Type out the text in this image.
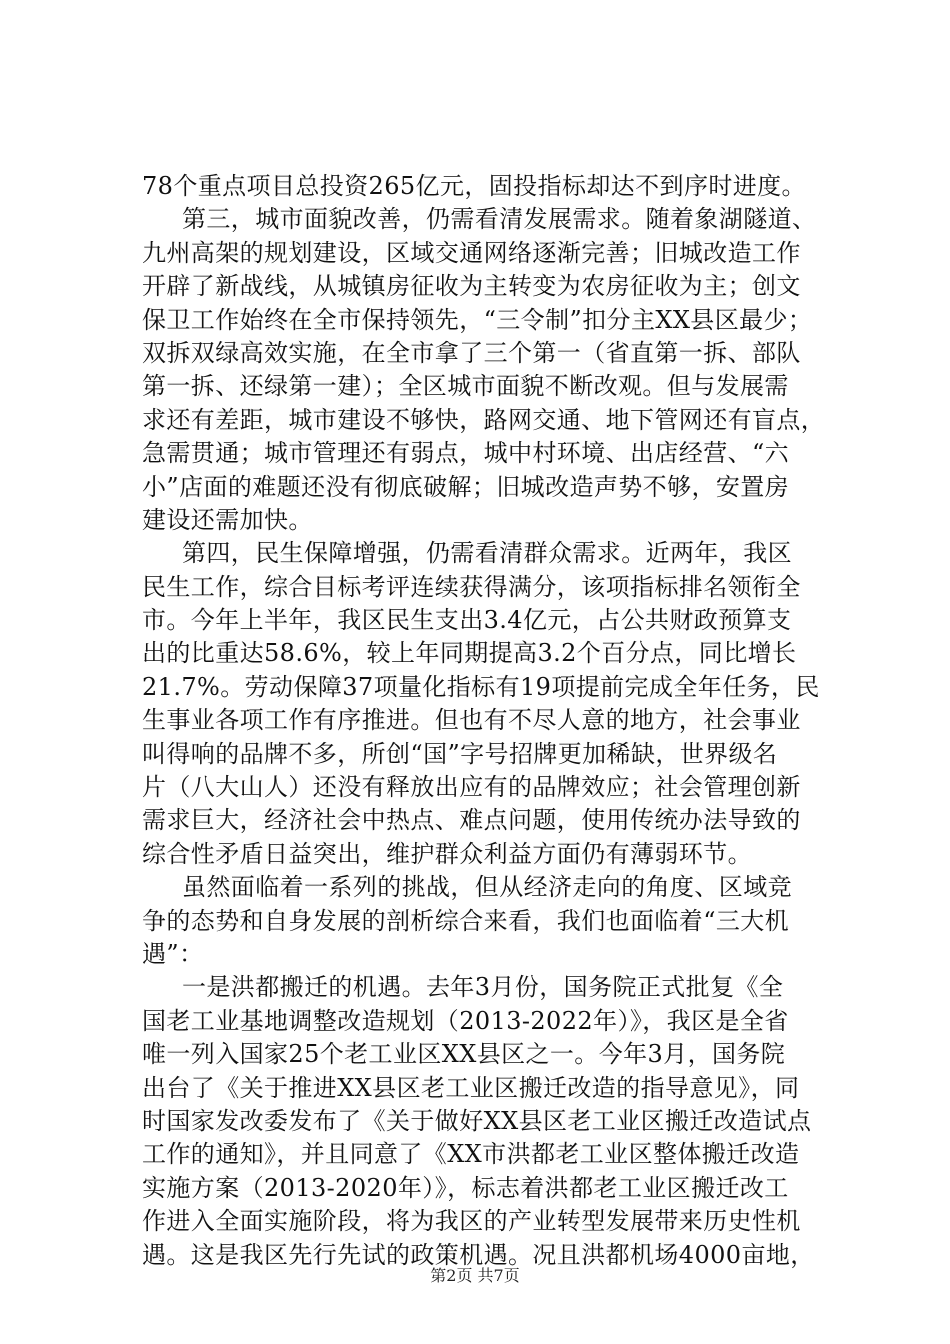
78个重点项目总投资265亿元，固投指标却达不到序时进度。
第三，城市面貌改善，仍需看清发展需求。随着象湖隧道、
九州高架的规划建设，区域交通网络逐渐完善；旧城改造工作
开辟了新战线，从城镇房征收为主转变为农房征收为主；创文
保卫工作始终在全市保持领先，“三令制”扣分主XX县区最少；
双拆双绿高效实施，在全市拿了三个第一（省直第一拆、部队
第一拆、还绿第一建）；全区城市面貌不断改观。但与发展需
求还有差距，城市建设不够快，路网交通、地下管网还有盲点，
急需贯通；城市管理还有弱点，城中村环境、出店经营、“六
小”店面的难题还没有彻底破解；旧城改造声势不够，安置房
建设还需加快。
第四，民生保障增强，仍需看清群众需求。近两年，我区
民生工作，综合目标考评连续获得满分，该项指标排名领衔全
市。今年上半年，我区民生支出3.4亿元，占公共财政预算支
出的比重达58.6%，较上年同期提高3.2个百分点，同比增长
21.7%。劳动保障37项量化指标有19项提前完成全年任务，民
生事业各项工作有序推进。但也有不尽人意的地方，社会事业
叫得响的品牌不多，所创“国”字号招牌更加稀缺，世界级名
片（八大山人）还没有释放出应有的品牌效应；社会管理创新
需求巨大，经济社会中热点、难点问题，使用传统办法导致的
综合性矛盾日益突出，维护群众利益方面仍有薄弱环节。
虽然面临着一系列的挑战，但从经济走向的角度、区域竞
争的态势和自身发展的剖析综合来看，我们也面临着“三大机
遇”：
一是洪都搬迁的机遇。去年3月份，国务院正式批复《全
国老工业基地调整改造规划（2013-2022年）》，我区是全省
唯一列入国家25个老工业区XX县区之一。今年3月，国务院
出台了《关于推进XX县区老工业区搬迁改造的指导意见》，同
时国家发改委发布了《关于做好XX县区老工业区搬迁改造试点
工作的通知》，并且同意了《XX市洪都老工业区整体搬迁改造
实施方案（2013-2020年）》，标志着洪都老工业区搬迁改工
作进入全面实施阶段，将为我区的产业转型发展带来历史性机
遇。这是我区先行先试的政策机遇。况且洪都机场4000亩地，
第2页 共7页
